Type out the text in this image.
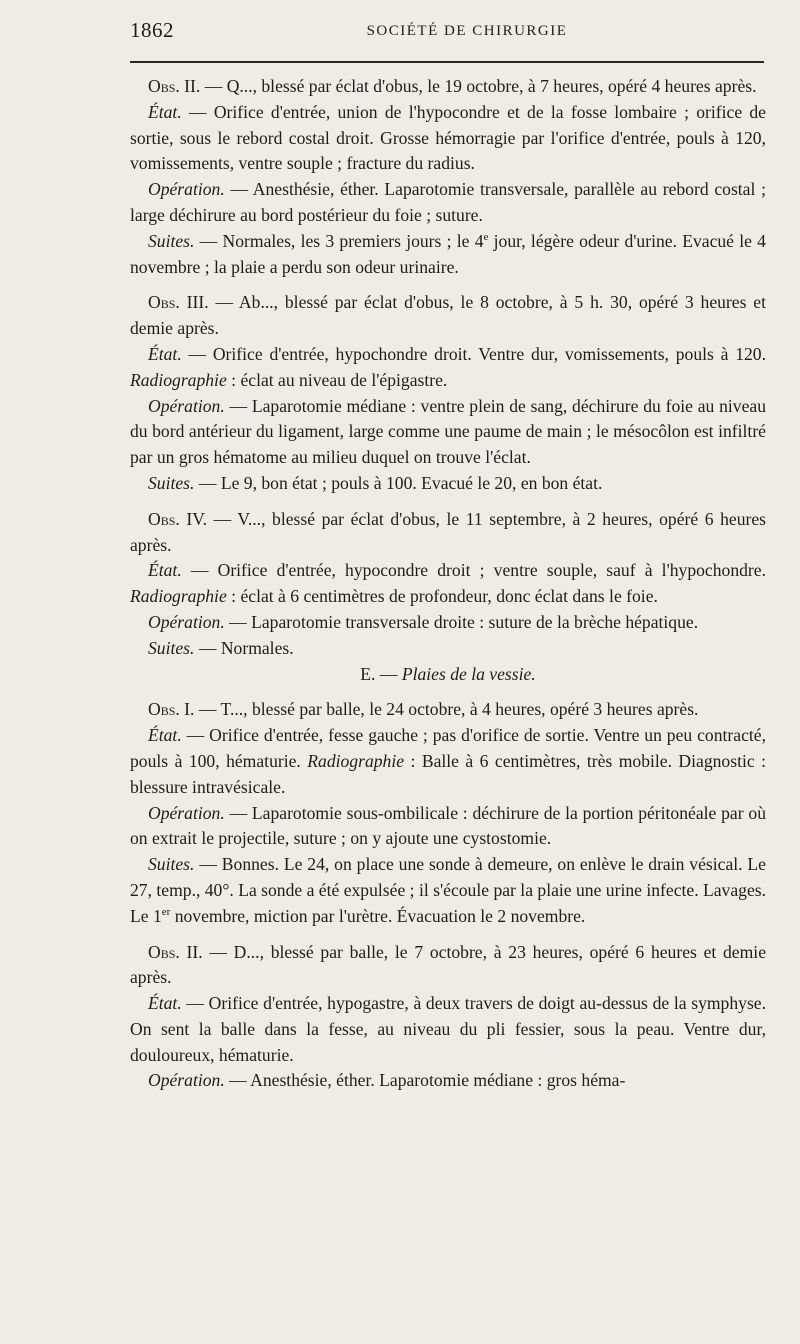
1862	SOCIÉTÉ DE CHIRURGIE

Obs. II. — Q..., blessé par éclat d'obus, le 19 octobre, à 7 heures, opéré 4 heures après.

État. — Orifice d'entrée, union de l'hypocondre et de la fosse lombaire ; orifice de sortie, sous le rebord costal droit. Grosse hémorragie par l'orifice d'entrée, pouls à 120, vomissements, ventre souple ; fracture du radius.

Opération. — Anesthésie, éther. Laparotomie transversale, parallèle au rebord costal ; large déchirure au bord postérieur du foie ; suture.

Suites. — Normales, les 3 premiers jours ; le 4e jour, légère odeur d'urine. Evacué le 4 novembre ; la plaie a perdu son odeur urinaire.

Obs. III. — Ab..., blessé par éclat d'obus, le 8 octobre, à 5 h. 30, opéré 3 heures et demie après.

État. — Orifice d'entrée, hypochondre droit. Ventre dur, vomissements, pouls à 120. Radiographie : éclat au niveau de l'épigastre.

Opération. — Laparotomie médiane : ventre plein de sang, déchirure du foie au niveau du bord antérieur du ligament, large comme une paume de main ; le mésocôlon est infiltré par un gros hématome au milieu duquel on trouve l'éclat.

Suites. — Le 9, bon état ; pouls à 100. Evacué le 20, en bon état.

Obs. IV. — V..., blessé par éclat d'obus, le 11 septembre, à 2 heures, opéré 6 heures après.

État. — Orifice d'entrée, hypocondre droit ; ventre souple, sauf à l'hypochondre. Radiographie : éclat à 6 centimètres de profondeur, donc éclat dans le foie.

Opération. — Laparotomie transversale droite : suture de la brèche hépatique.

Suites. — Normales.

E. — Plaies de la vessie.

Obs. I. — T..., blessé par balle, le 24 octobre, à 4 heures, opéré 3 heures après.

État. — Orifice d'entrée, fesse gauche ; pas d'orifice de sortie. Ventre un peu contracté, pouls à 100, hématurie. Radiographie : Balle à 6 centimètres, très mobile. Diagnostic : blessure intravésicale.

Opération. — Laparotomie sous-ombilicale : déchirure de la portion péritonéale par où on extrait le projectile, suture ; on y ajoute une cystostomie.

Suites. — Bonnes. Le 24, on place une sonde à demeure, on enlève le drain vésical. Le 27, temp., 40°. La sonde a été expulsée ; il s'écoule par la plaie une urine infecte. Lavages. Le 1er novembre, miction par l'urètre. Évacuation le 2 novembre.

Obs. II. — D..., blessé par balle, le 7 octobre, à 23 heures, opéré 6 heures et demie après.

État. — Orifice d'entrée, hypogastre, à deux travers de doigt au-dessus de la symphyse. On sent la balle dans la fesse, au niveau du pli fessier, sous la peau. Ventre dur, douloureux, hématurie.

Opération. — Anesthésie, éther. Laparotomie médiane : gros héma-
